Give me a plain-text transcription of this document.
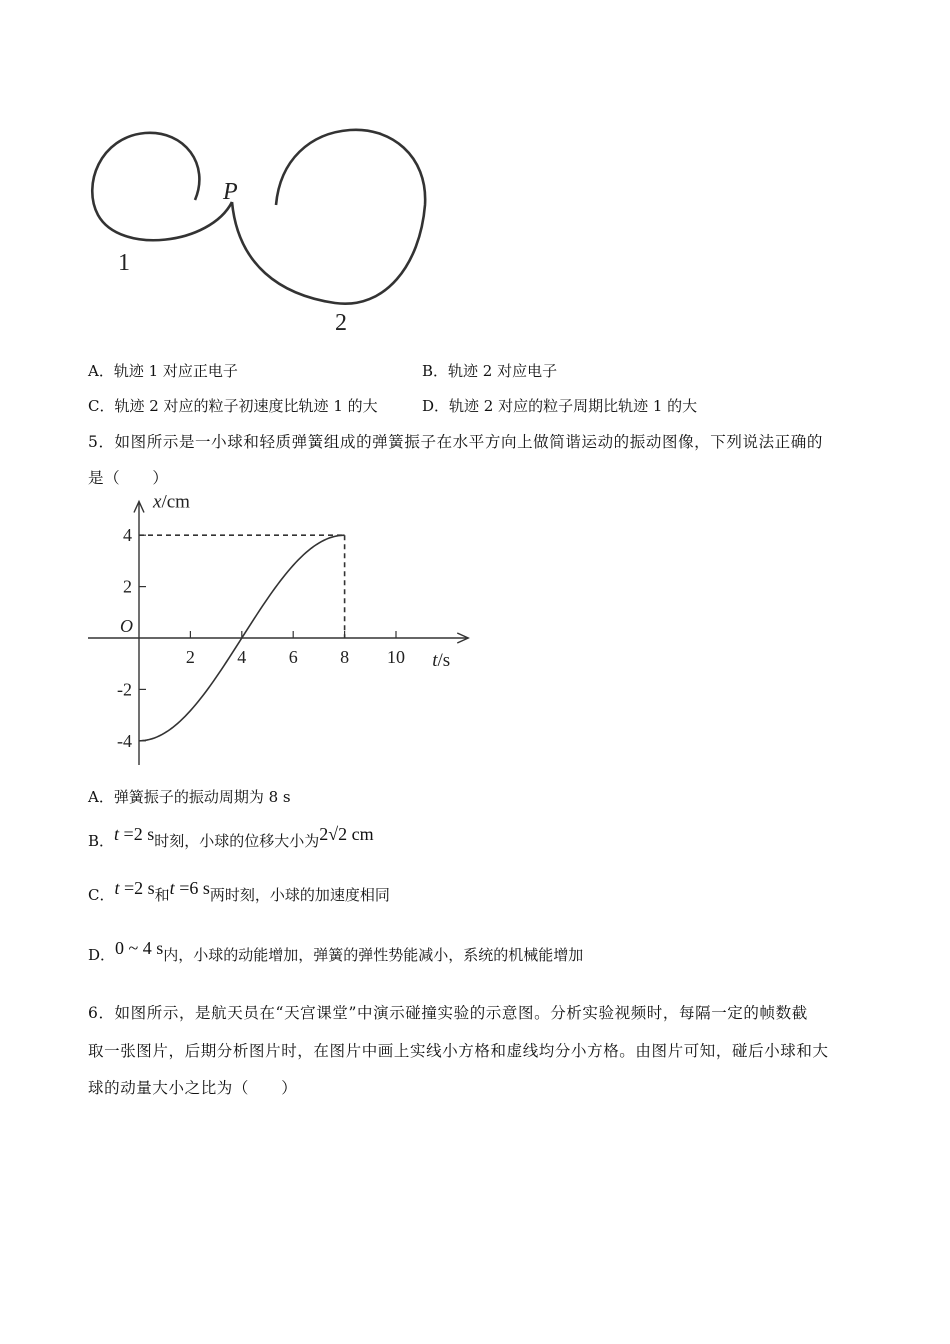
P
1
2
A．轨迹 1 对应正电子	B．轨迹 2 对应电子
C．轨迹 2 对应的粒子初速度比轨迹 1 的大	D．轨迹 2 对应的粒子周期比轨迹 1 的大
5．如图所示是一小球和轻质弹簧组成的弹簧振子在水平方向上做简谐运动的振动图像，下列说法正确的
是（　　）
2 4 6 8 10
4
2
-2
-4
x/cm
t/s
O
A．弹簧振子的振动周期为 8 s
B．t =2 s时刻，小球的位移大小为2√2 cm
C．t =2 s和t =6 s两时刻，小球的加速度相同
D．0 ~ 4 s内，小球的动能增加，弹簧的弹性势能减小，系统的机械能增加
6．如图所示，是航天员在“天宫课堂”中演示碰撞实验的示意图。分析实验视频时，每隔一定的帧数截
取一张图片，后期分析图片时，在图片中画上实线小方格和虚线均分小方格。由图片可知，碰后小球和大
球的动量大小之比为（　　）
